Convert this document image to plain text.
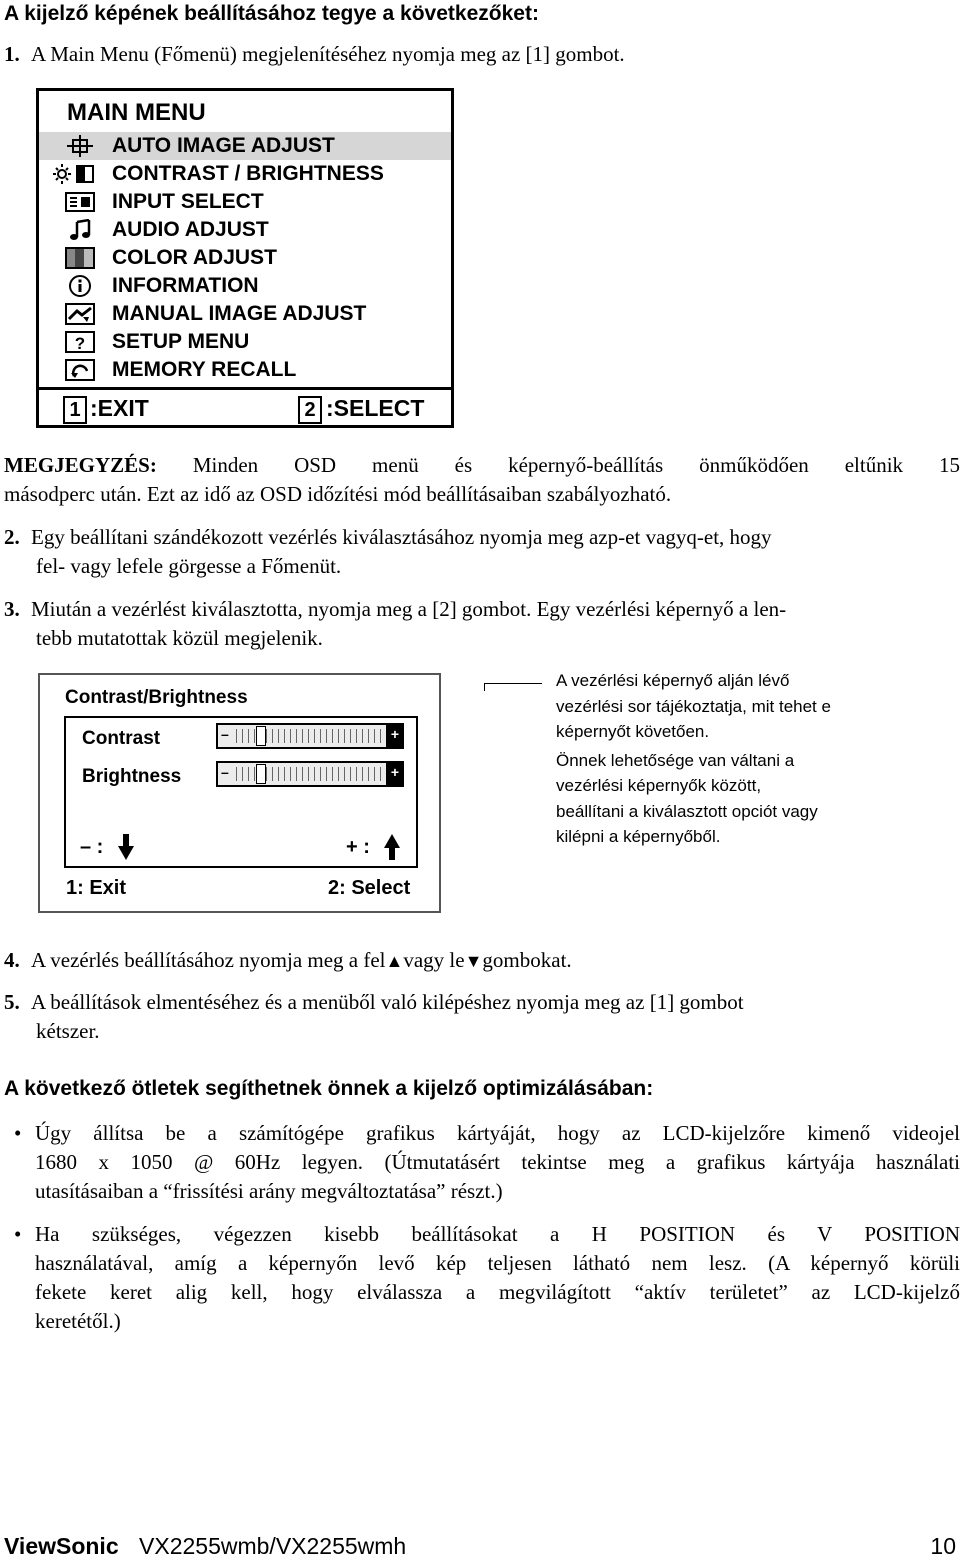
A kijelző képének beállításához tegye a következőket:
1. A Main Menu (Főmenü) megjelenítéséhez nyomja meg az [1] gombot.
MAIN MENU
AUTO IMAGE ADJUST
CONTRAST / BRIGHTNESS
INPUT SELECT
AUDIO ADJUST
COLOR ADJUST
INFORMATION
MANUAL IMAGE ADJUST
? SETUP MENU
MEMORY RECALL
1 :EXIT	2 :SELECT
MEGJEGYZÉS: Minden OSD menü és képernyő-beállítás önműködően eltűnik 15
másodperc után. Ezt az idő az OSD időzítési mód beállításaiban szabályozható.
2. Egy beállítani szándékozott vezérlés kiválasztásához nyomja meg azp-et vagyq-et, hogy
fel- vagy lefele görgesse a Főmenüt.
3. Miután a vezérlést kiválasztotta, nyomja meg a [2] gombot. Egy vezérlési képernyő a len-
tebb mutatottak közül megjelenik.
Contrast/Brightness
Contrast	–	+
Brightness	–	+
– :	+ :
1: Exit	2: Select
A vezérlési képernyő alján lévő
vezérlési sor tájékoztatja, mit tehet e
képernyőt követően.
Önnek lehetősége van váltani a
vezérlési képernyők között,
beállítani a kiválasztott opciót vagy
kilépni a képernyőből.
4. A vezérlés beállításához nyomja meg a fel▲vagy le▼gombokat.
5. A beállítások elmentéséhez és a menüből való kilépéshez nyomja meg az [1] gombot
kétszer.
A következő ötletek segíthetnek önnek a kijelző optimizálásában:
• Úgy állítsa be a számítógépe grafikus kártyáját, hogy az LCD-kijelzőre kimenő videojel
1680 x 1050 @ 60Hz legyen. (Útmutatásért tekintse meg a grafikus kártyája használati
utasításaiban a “frissítési arány megváltoztatása” részt.)
• Ha szükséges, végezzen kisebb beállításokat a H POSITION és V POSITION
használatával, amíg a képernyőn levő kép teljesen látható nem lesz. (A képernyő körüli
fekete keret alig kell, hogy elválassza a megvilágított “aktív területet” az LCD-kijelző
keretétől.)
ViewSonic VX2255wmb/VX2255wmh	10
